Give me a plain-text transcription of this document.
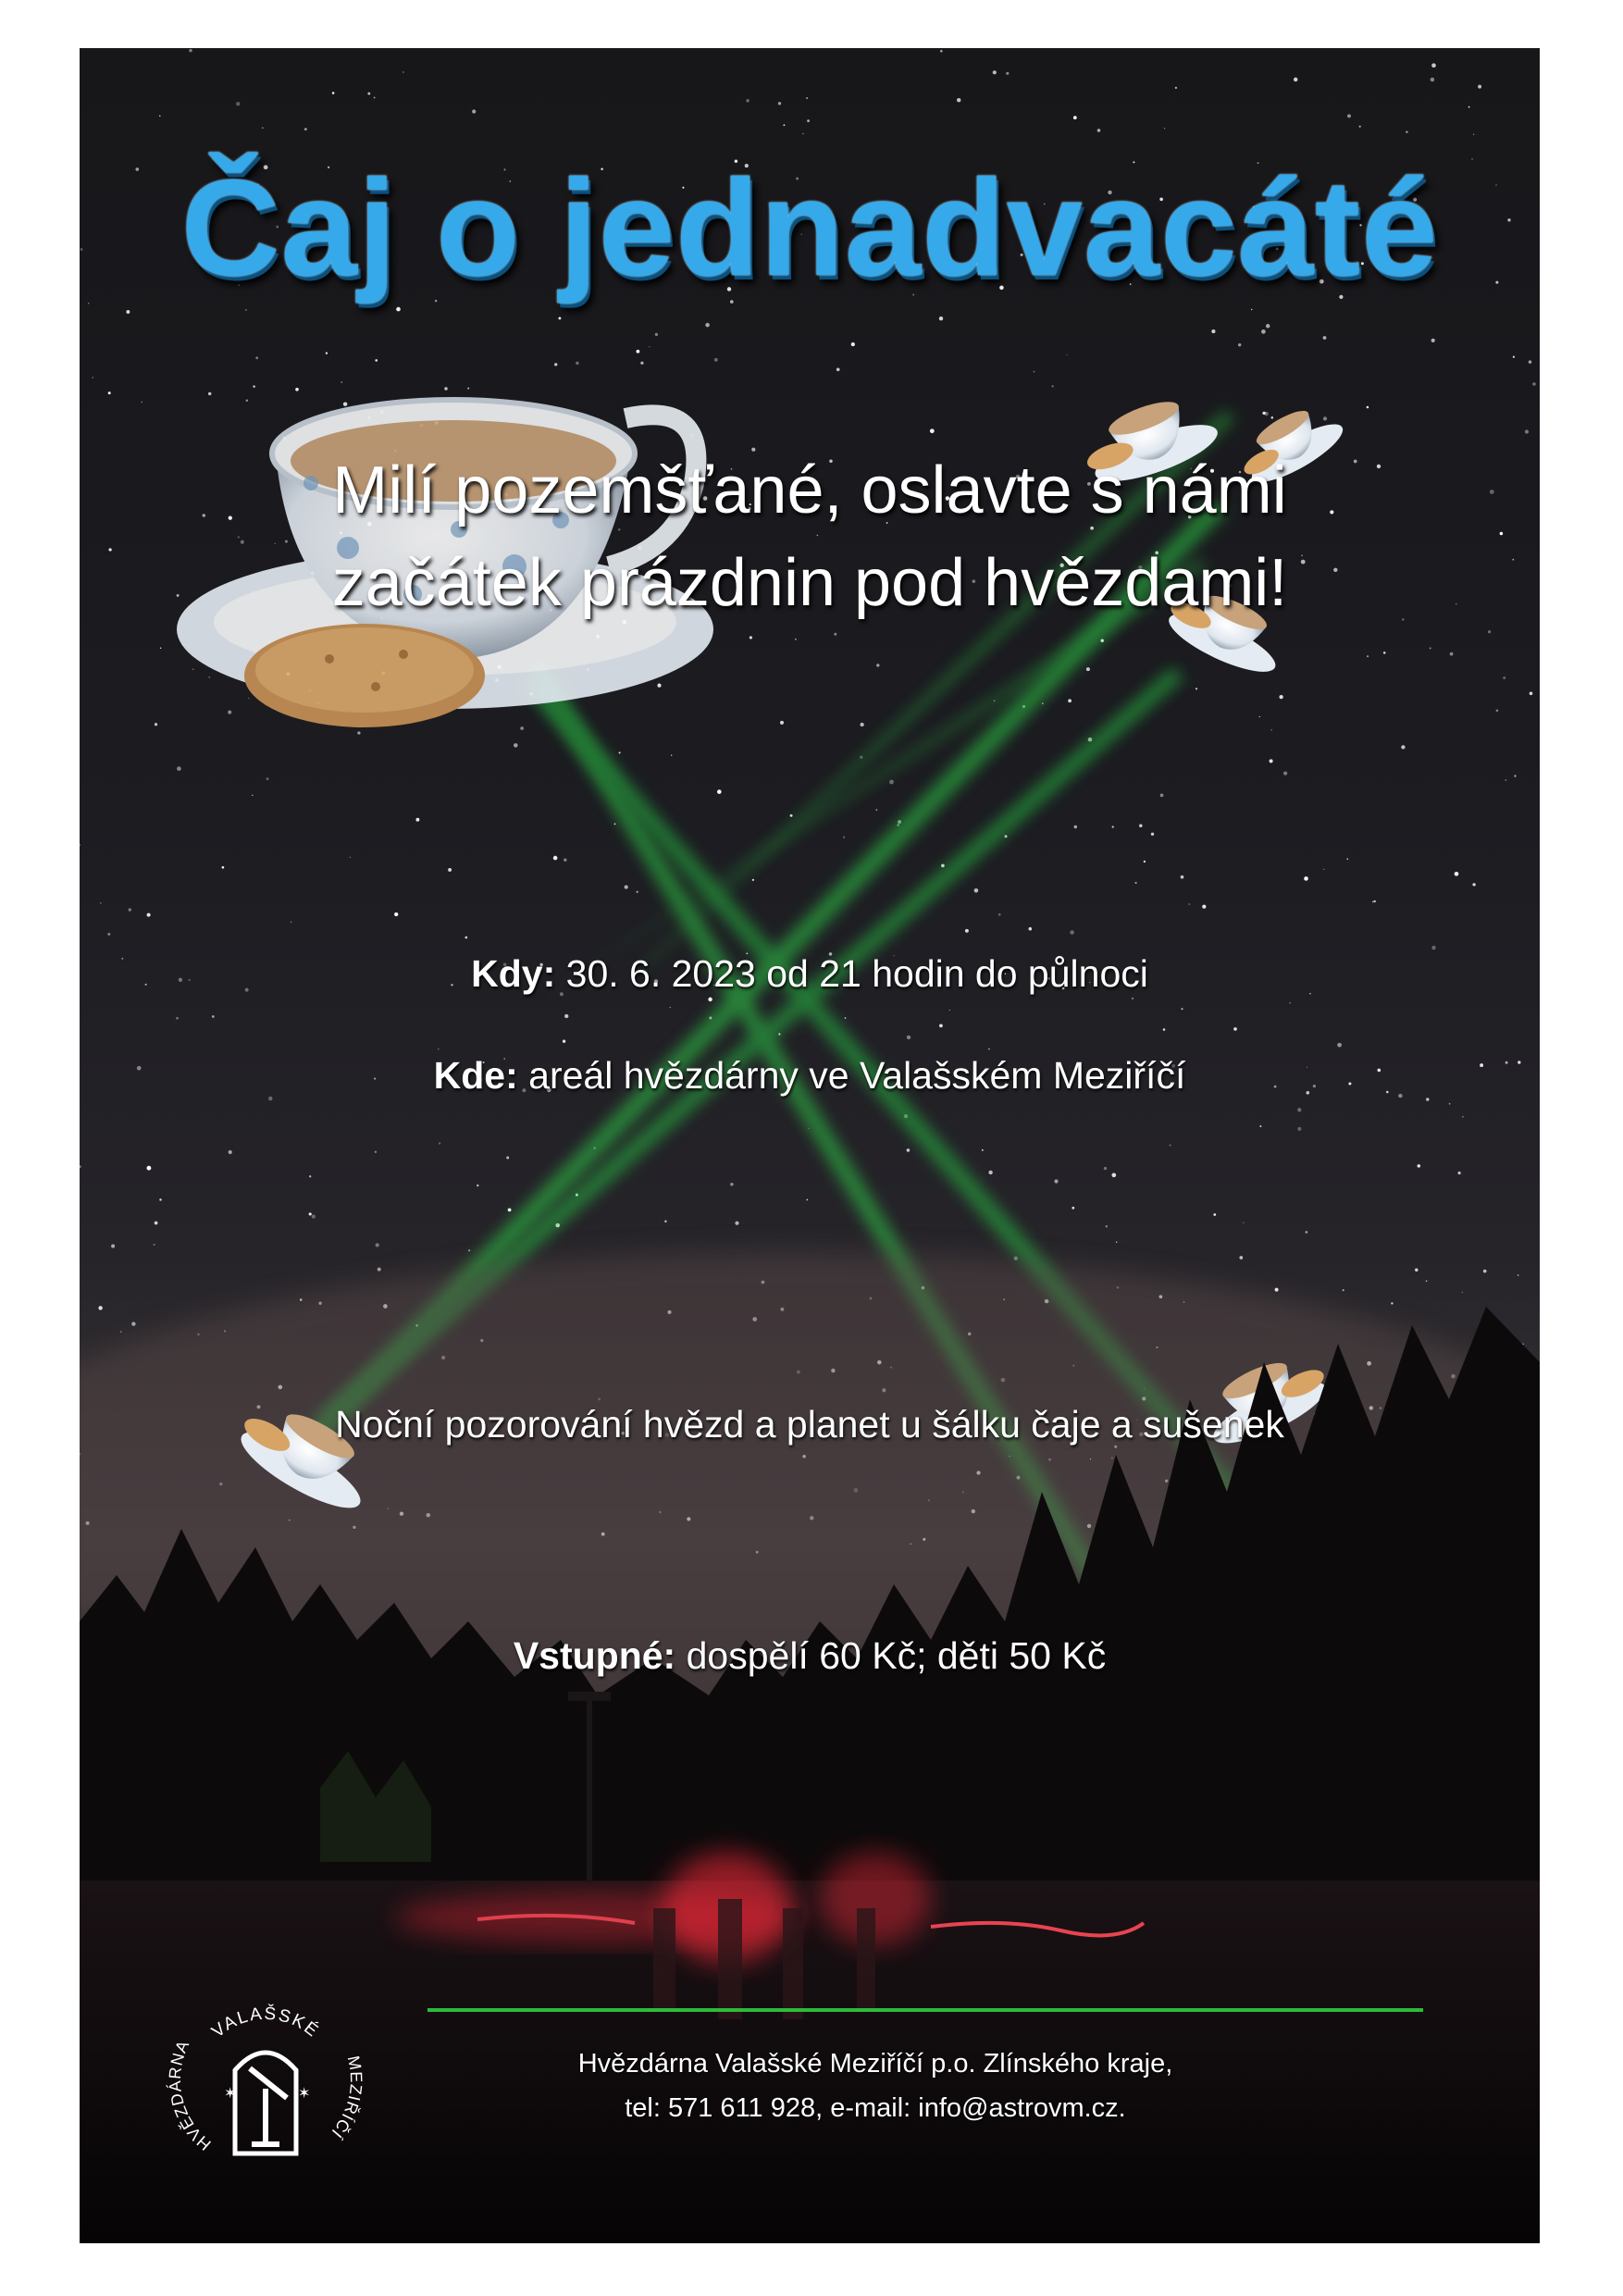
Čaj o jednadvacáté
Milí pozemšťané, oslavte s námi
začátek prázdnin pod hvězdami!
Kdy: 30. 6. 2023 od 21 hodin do půlnoci
Kde: areál hvězdárny ve Valašském Meziříčí
Noční pozorování hvězd a planet u šálku čaje a sušenek
Vstupné: dospělí 60 Kč; děti 50 Kč
Hvězdárna Valašské Meziříčí p.o. Zlínského kraje,
tel: 571 611 928, e-mail: info@astrovm.cz.
VALAŠSKÉ
HVĚZDÁRNA
MEZIŘÍČÍ
✶	✶
